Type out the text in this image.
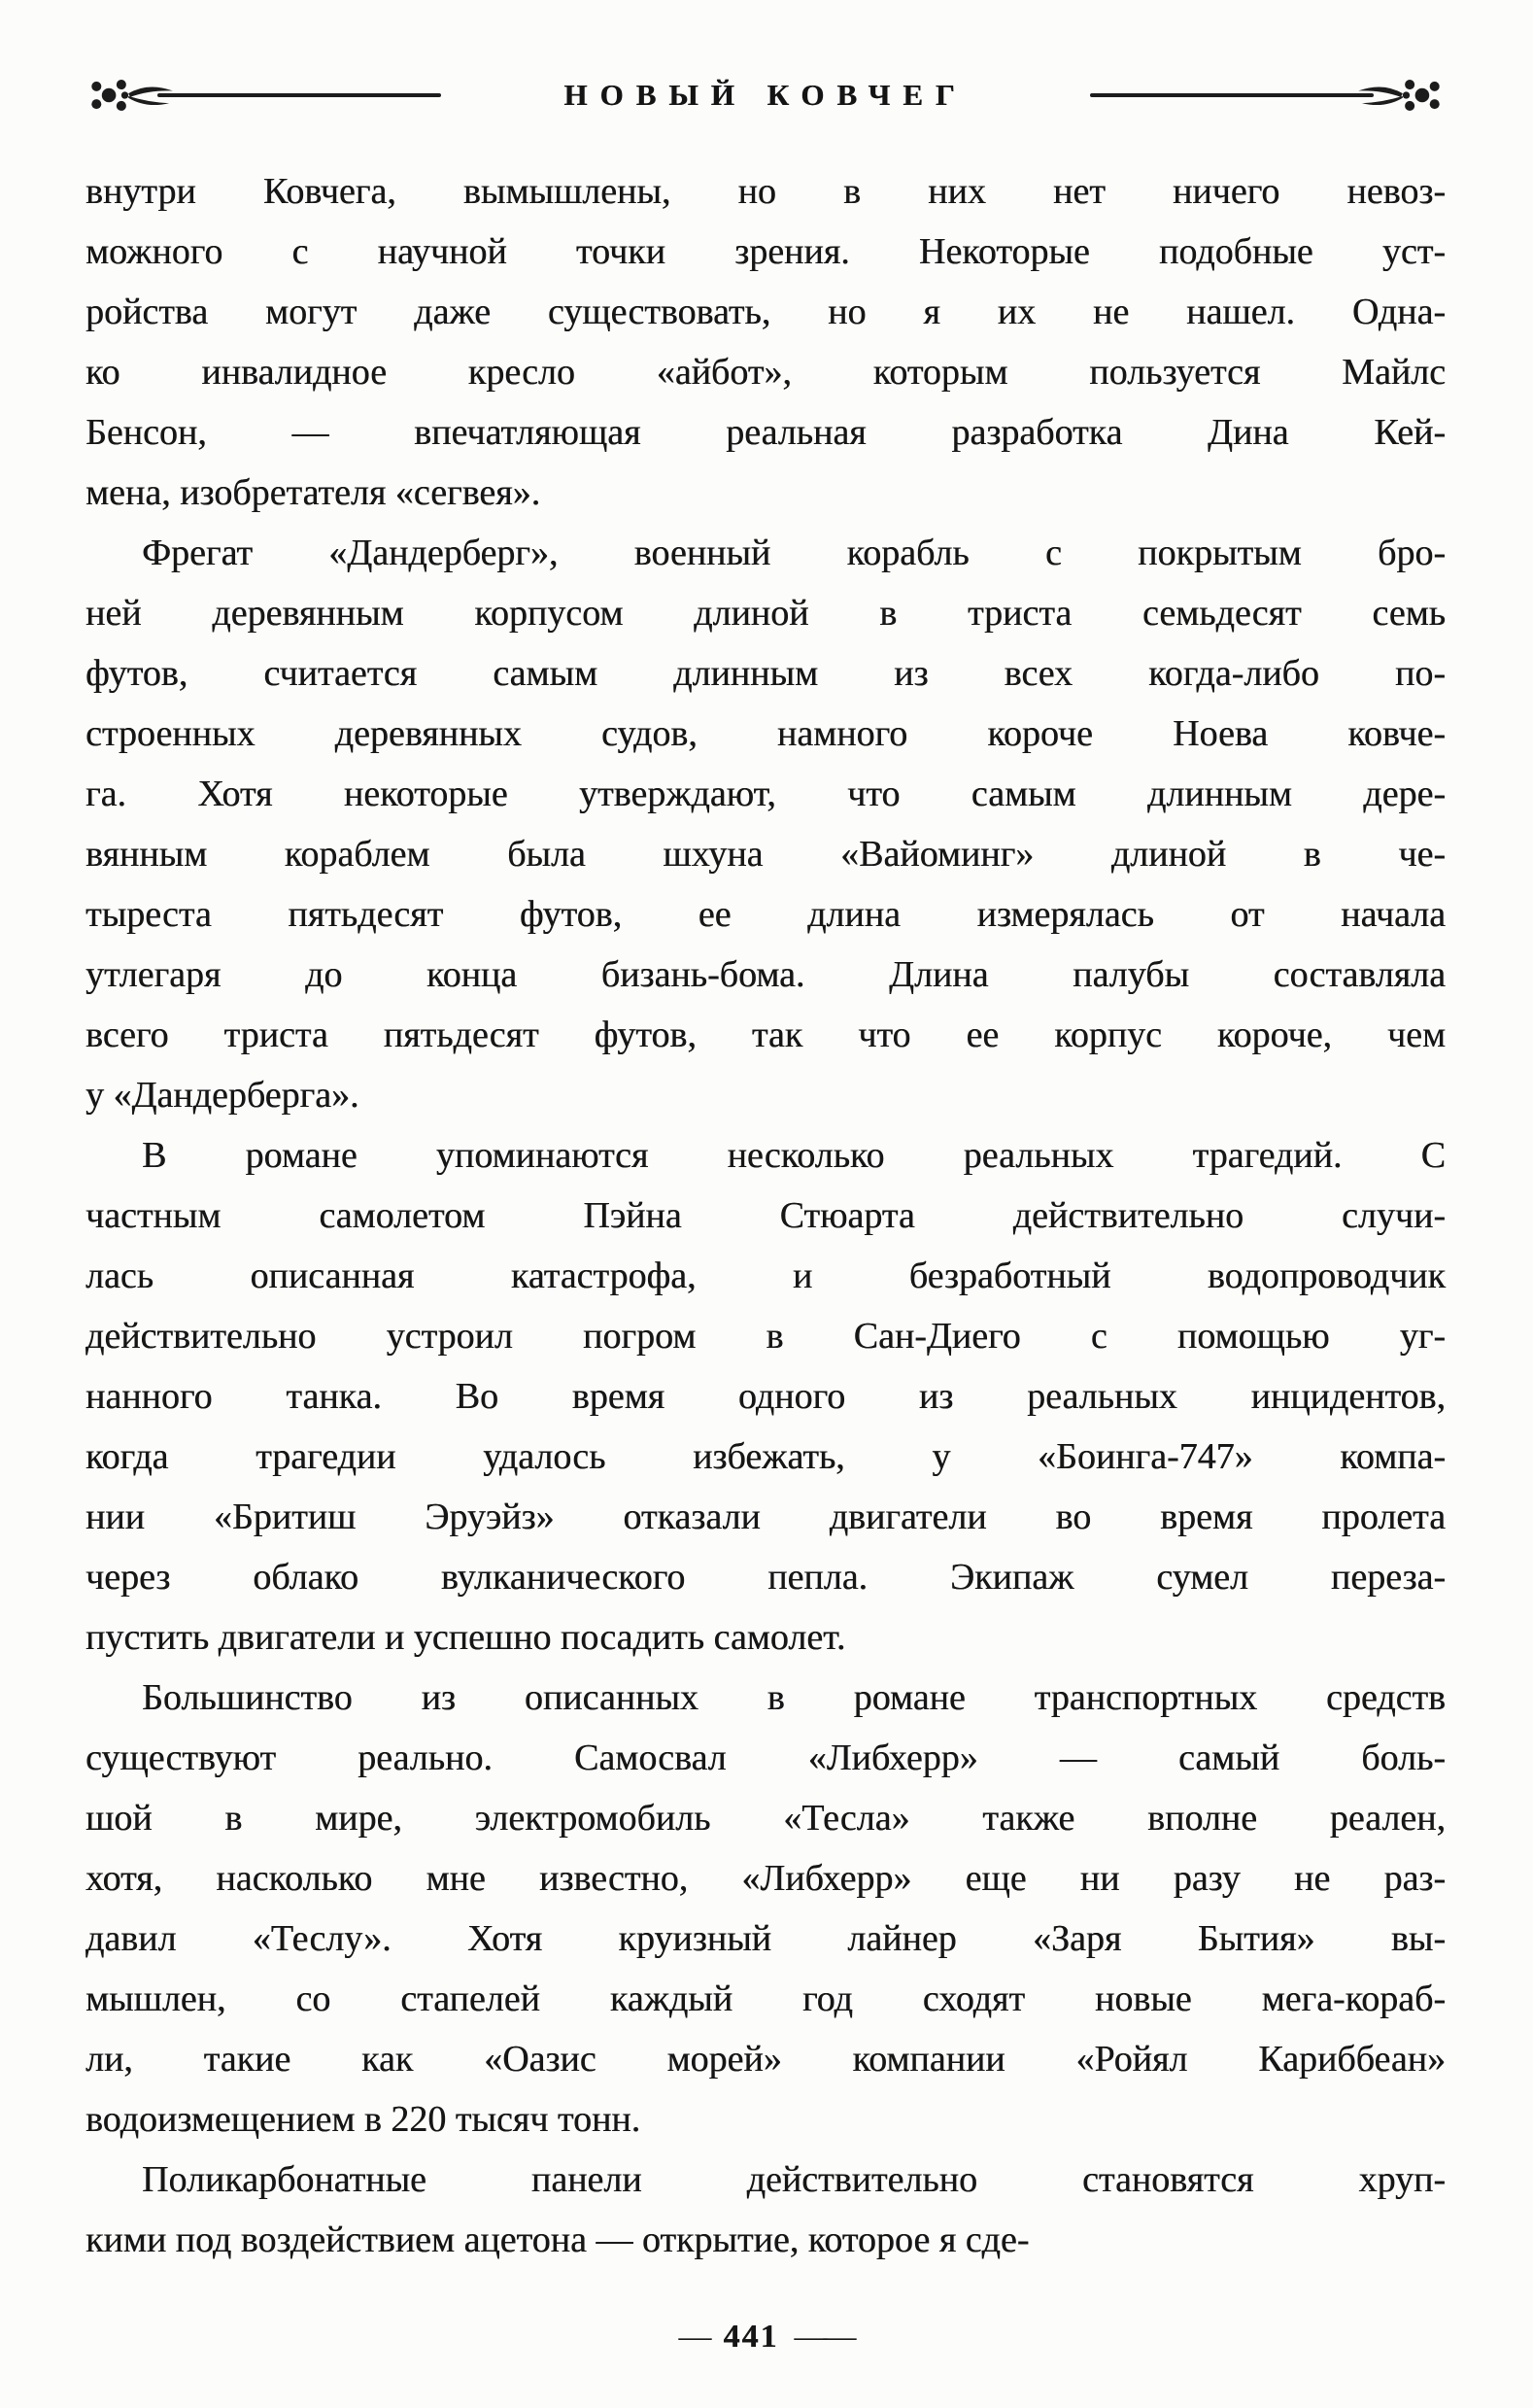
НОВЫЙ КОВЧЕГ
внутри Ковчега, вымышлены, но в них нет ничего невоз-
можного с научной точки зрения. Некоторые подобные уст-
ройства могут даже существовать, но я их не нашел. Одна-
ко инвалидное кресло «айбот», которым пользуется Майлс
Бенсон, — впечатляющая реальная разработка Дина Кей-
мена, изобретателя «сегвея».
Фрегат «Дандерберг», военный корабль с покрытым бро-
ней деревянным корпусом длиной в триста семьдесят семь
футов, считается самым длинным из всех когда-либо по-
строенных деревянных судов, намного короче Ноева ковче-
га. Хотя некоторые утверждают, что самым длинным дере-
вянным кораблем была шхуна «Вайоминг» длиной в че-
тыреста пятьдесят футов, ее длина измерялась от начала
утлегаря до конца бизань-бома. Длина палубы составляла
всего триста пятьдесят футов, так что ее корпус короче, чем
у «Дандерберга».
В романе упоминаются несколько реальных трагедий. С
частным самолетом Пэйна Стюарта действительно случи-
лась описанная катастрофа, и безработный водопроводчик
действительно устроил погром в Сан-Диего с помощью уг-
нанного танка. Во время одного из реальных инцидентов,
когда трагедии удалось избежать, у «Боинга-747» компа-
нии «Бритиш Эруэйз» отказали двигатели во время пролета
через облако вулканического пепла. Экипаж сумел переза-
пустить двигатели и успешно посадить самолет.
Большинство из описанных в романе транспортных средств
существуют реально. Самосвал «Либхерр» — самый боль-
шой в мире, электромобиль «Тесла» также вполне реален,
хотя, насколько мне известно, «Либхерр» еще ни разу не раз-
давил «Теслу». Хотя круизный лайнер «Заря Бытия» вы-
мышлен, со стапелей каждый год сходят новые мега-кораб-
ли, такие как «Оазис морей» компании «Ройял Кариббеан»
водоизмещением в 220 тысяч тонн.
Поликарбонатные панели действительно становятся хруп-
кими под воздействием ацетона — открытие, которое я сде-
— 441 ——
